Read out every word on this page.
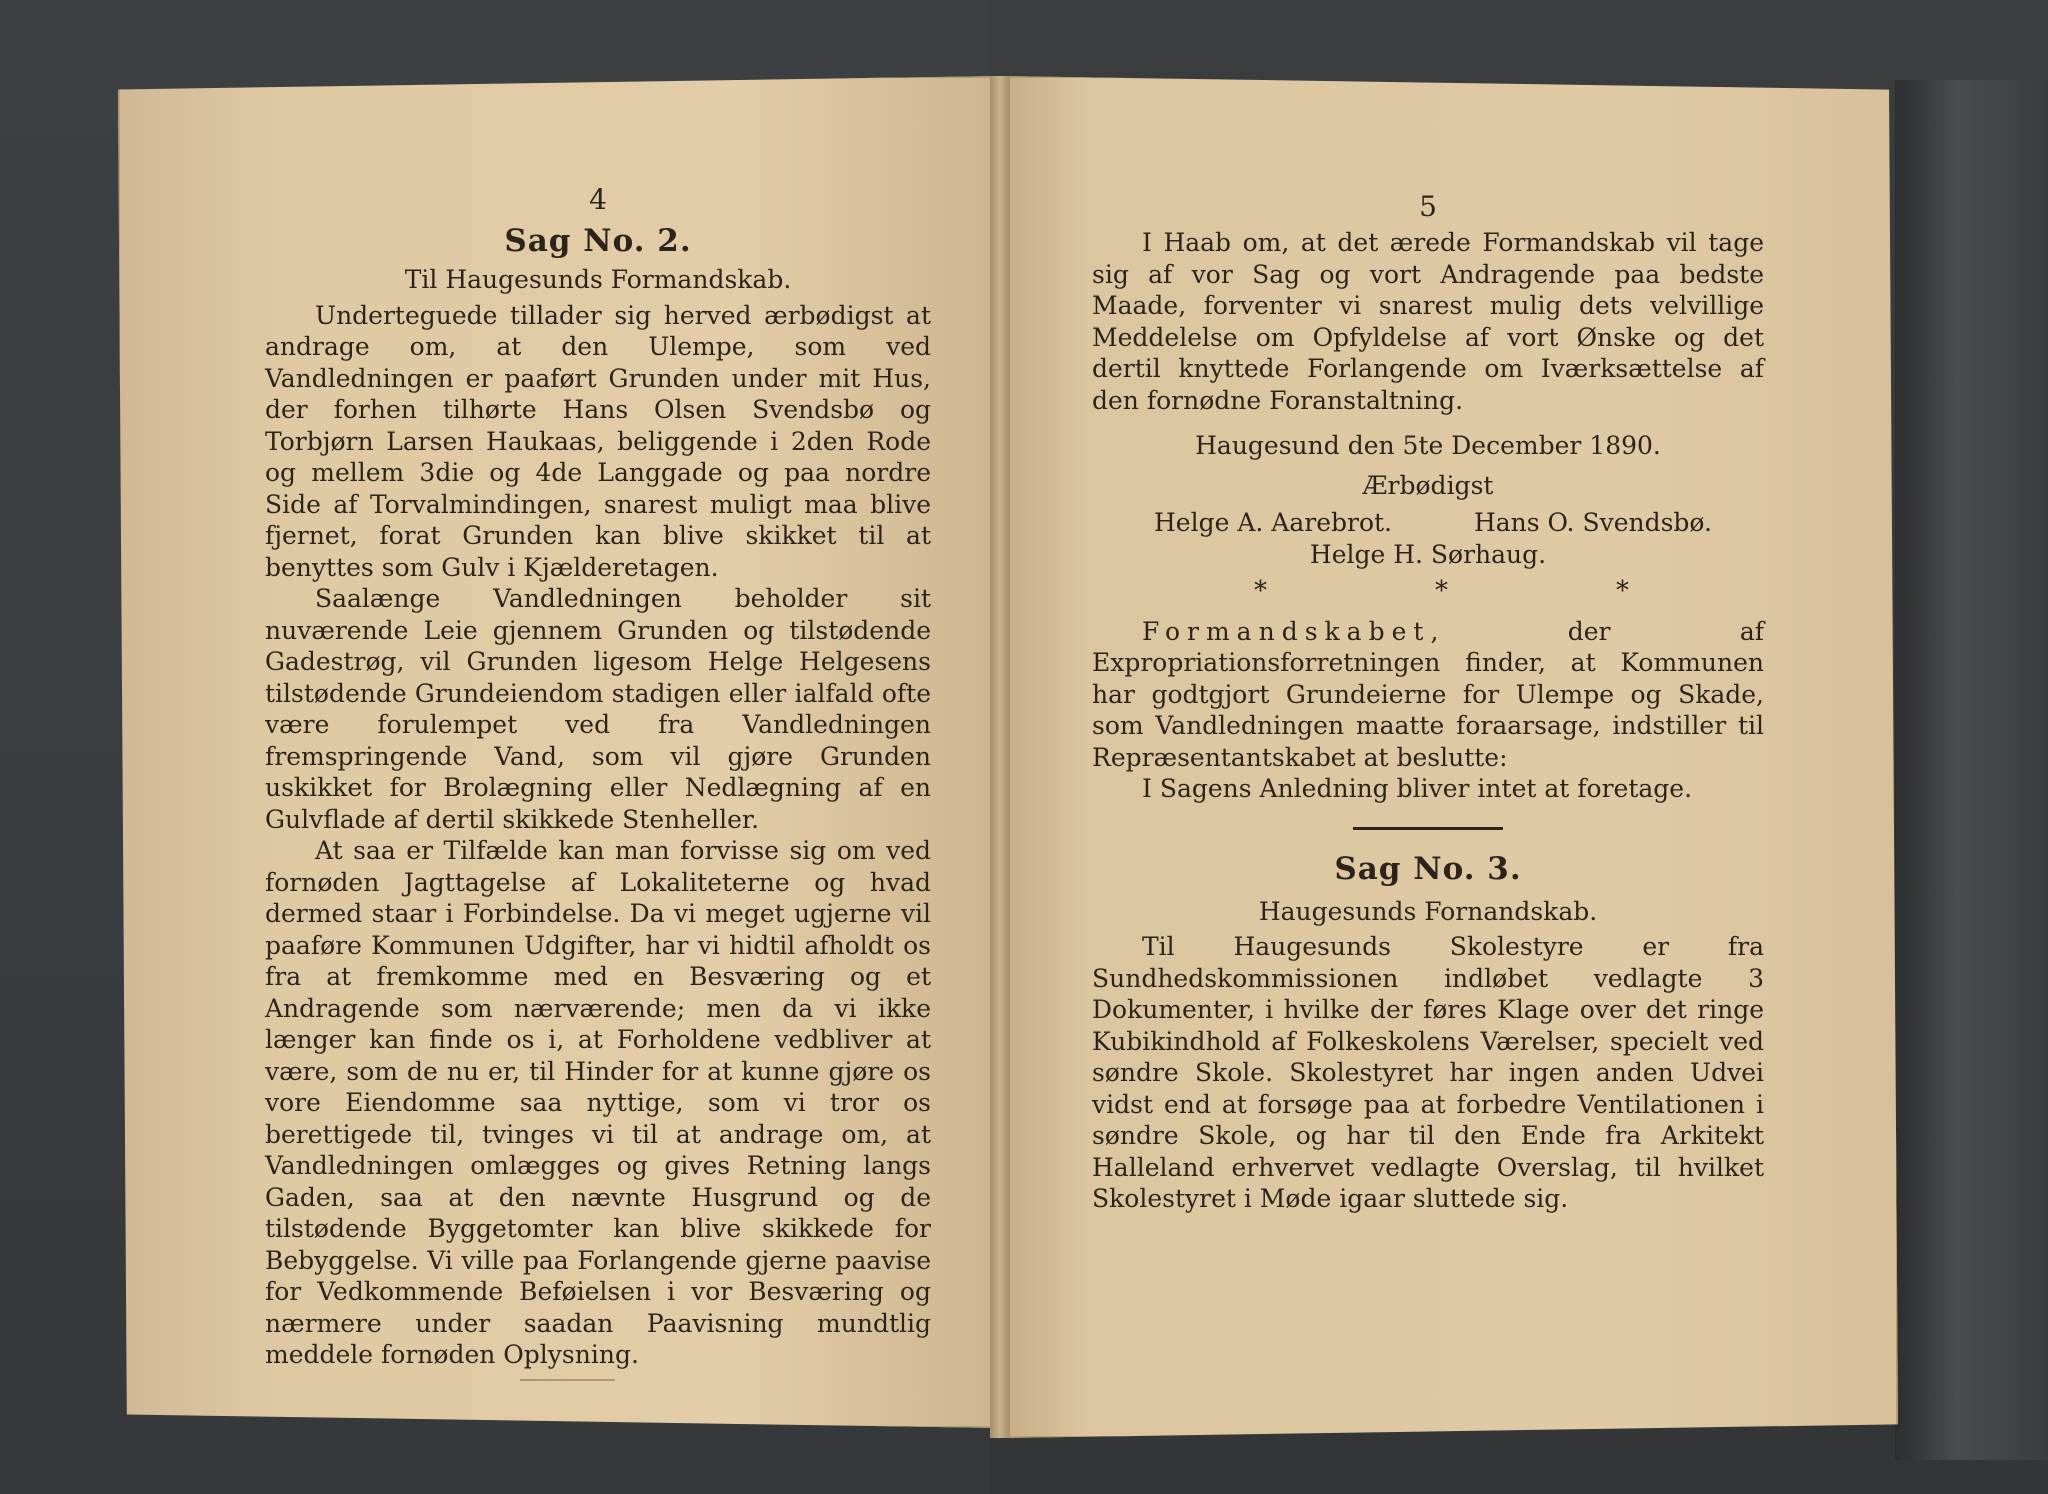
4
Sag No. 2.
Til Haugesunds Formandskab.

Underteguede tillader sig herved ærbødigst at andrage om, at den Ulempe, som ved Vandledningen er paaført Grunden under mit Hus, der forhen tilhørte Hans Olsen Svendsbø og Torbjørn Larsen Haukaas, beliggende i 2den Rode og mellem 3die og 4de Langgade og paa nordre Side af Torvalmindingen, snarest muligt maa blive fjernet, forat Grunden kan blive skikket til at benyttes som Gulv i Kjælderetagen.

Saalænge Vandledningen beholder sit nuværende Leie gjennem Grunden og tilstødende Gadestrøg, vil Grunden ligesom Helge Helgesens tilstødende Grundeiendom stadigen eller ialfald ofte være forulempet ved fra Vandledningen fremspringende Vand, som vil gjøre Grunden uskikket for Brolægning eller Nedlægning af en Gulvflade af dertil skikkede Stenheller.

At saa er Tilfælde kan man forvisse sig om ved fornøden Jagttagelse af Lokaliteterne og hvad dermed staar i Forbindelse. Da vi meget ugjerne vil paaføre Kommunen Udgifter, har vi hidtil afholdt os fra at fremkomme med en Besværing og et Andragende som nærværende; men da vi ikke længer kan finde os i, at Forholdene vedbliver at være, som de nu er, til Hinder for at kunne gjøre os vore Eiendomme saa nyttige, som vi tror os berettigede til, tvinges vi til at andrage om, at Vandledningen omlægges og gives Retning langs Gaden, saa at den nævnte Husgrund og de tilstødende Byggetomter kan blive skikkede for Bebyggelse. Vi ville paa Forlangende gjerne paavise for Vedkommende Beføielsen i vor Besværing og nærmere under saadan Paavisning mundtlig meddele fornøden Oplysning.

5

I Haab om, at det ærede Formandskab vil tage sig af vor Sag og vort Andragende paa bedste Maade, forventer vi snarest mulig dets velvillige Meddelelse om Opfyldelse af vort Ønske og det dertil knyttede Forlangende om Iværksættelse af den fornødne Foranstaltning.

Haugesund den 5te December 1890.
Ærbødigst
Helge A. Aarebrot.	Hans O. Svendsbø.
Helge H. Sørhaug.
*	*	*

Formandskabet, der af Expropriationsforretningen finder, at Kommunen har godtgjort Grundeierne for Ulempe og Skade, som Vandledningen maatte foraarsage, indstiller til Repræsentantskabet at beslutte:

I Sagens Anledning bliver intet at foretage.

Sag No. 3.
Haugesunds Fornandskab.

Til Haugesunds Skolestyre er fra Sundhedskommissionen indløbet vedlagte 3 Dokumenter, i hvilke der føres Klage over det ringe Kubikindhold af Folkeskolens Værelser, specielt ved søndre Skole. Skolestyret har ingen anden Udvei vidst end at forsøge paa at forbedre Ventilationen i søndre Skole, og har til den Ende fra Arkitekt Halleland erhvervet vedlagte Overslag, til hvilket Skolestyret i Møde igaar sluttede sig.
